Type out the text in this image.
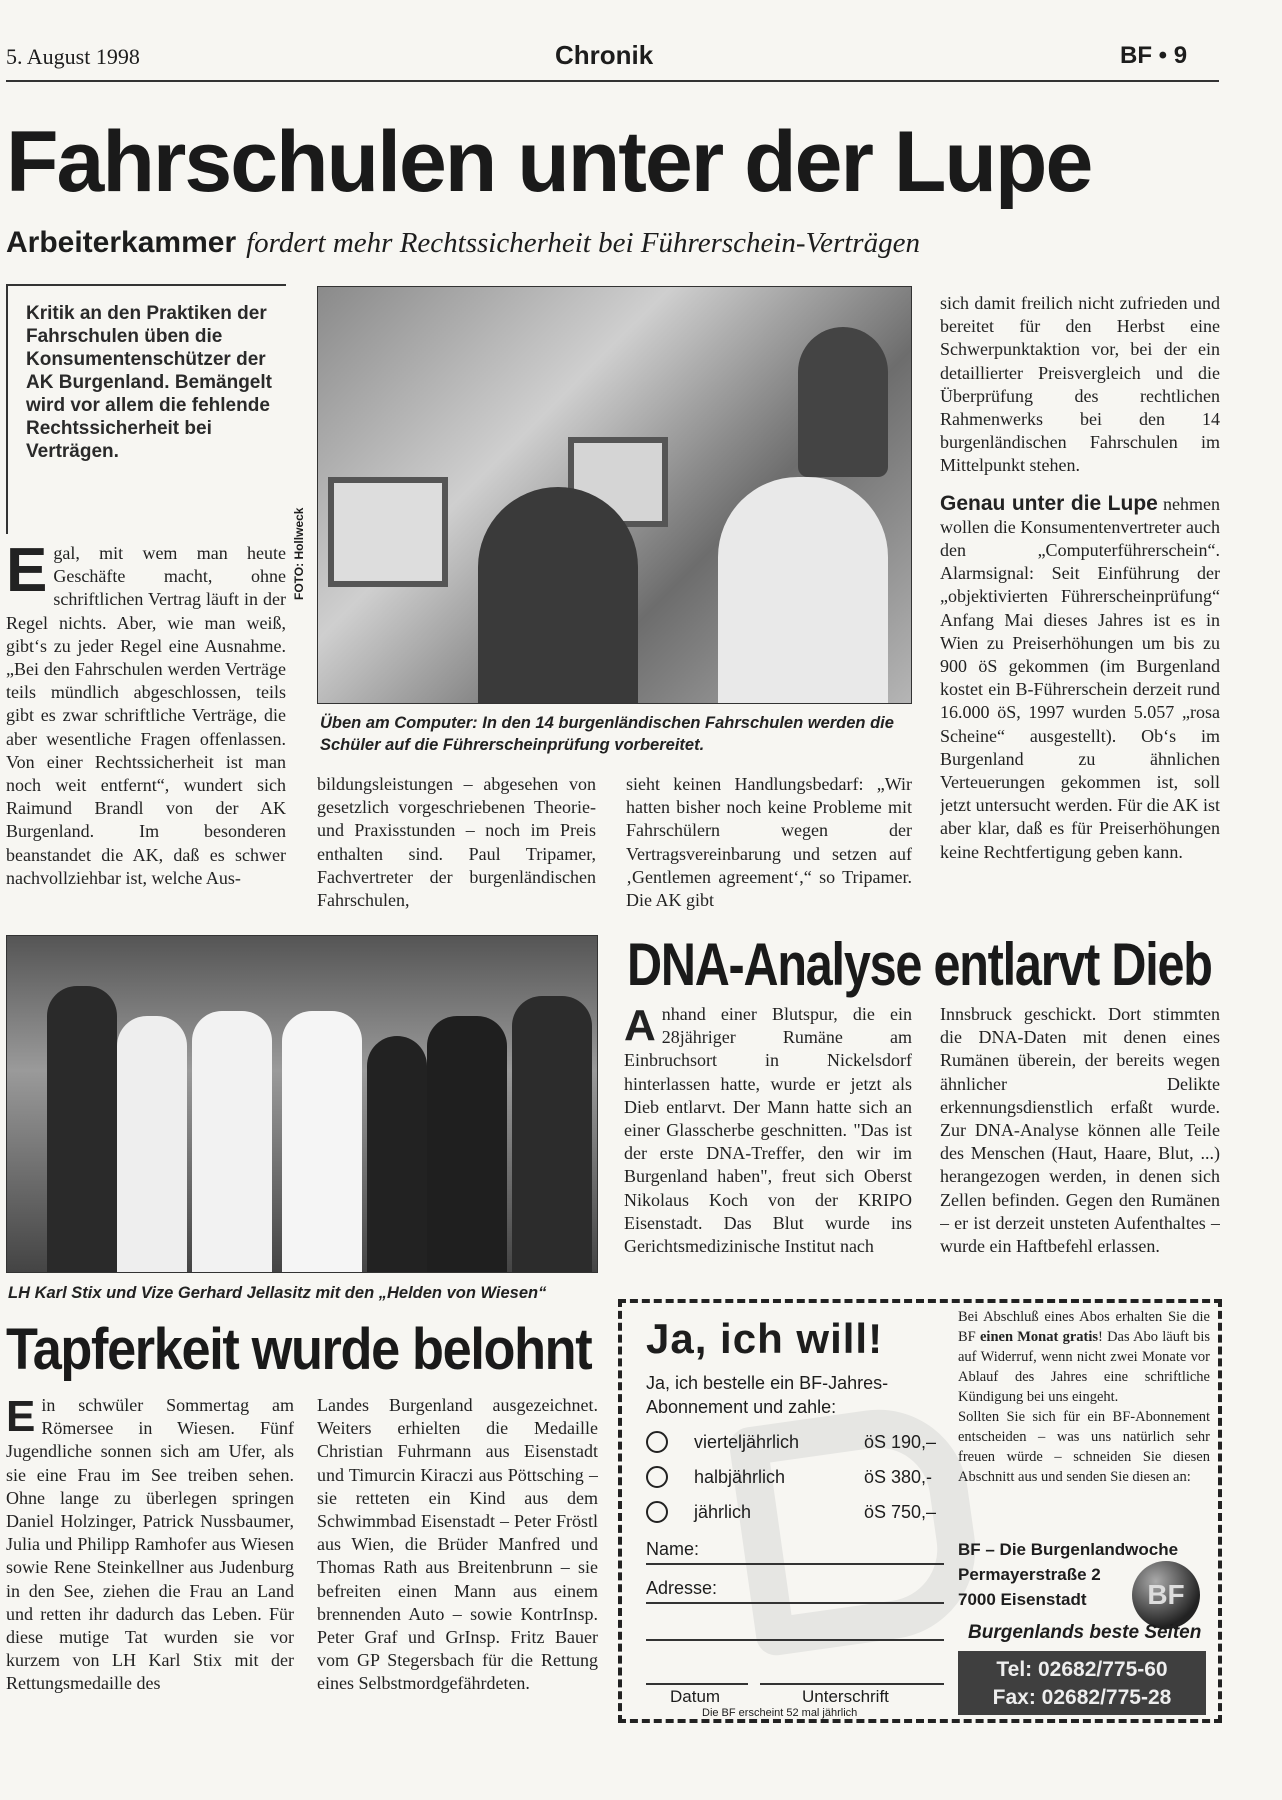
5. August 1998	Chronik	BF • 9
Fahrschulen unter der Lupe
Arbeiterkammer fordert mehr Rechtssicherheit bei Führerschein-Verträgen
Kritik an den Praktiken der Fahrschulen üben die Konsumentenschützer der AK Burgenland. Bemängelt wird vor allem die fehlende Rechtssicherheit bei Verträgen.
Egal, mit wem man heute Geschäfte macht, ohne schriftlichen Vertrag läuft in der Regel nichts. Aber, wie man weiß, gibt‘s zu jeder Regel eine Ausnahme. „Bei den Fahrschulen werden Verträge teils mündlich abgeschlossen, teils gibt es zwar schriftliche Verträge, die aber wesentliche Fragen offenlassen. Von einer Rechtssicherheit ist man noch weit entfernt“, wundert sich Raimund Brandl von der AK Burgenland. Im besonderen beanstandet die AK, daß es schwer nachvollziehbar ist, welche Aus-
FOTO: Hollweck
Üben am Computer: In den 14 burgenländischen Fahrschulen werden die Schüler auf die Führerscheinprüfung vorbereitet.
bildungsleistungen – abgesehen von gesetzlich vorgeschriebenen Theorie- und Praxisstunden – noch im Preis enthalten sind. Paul Tripamer, Fachvertreter der burgenländischen Fahrschulen,
sieht keinen Handlungsbedarf: „Wir hatten bisher noch keine Probleme mit Fahrschülern wegen der Vertragsvereinbarung und setzen auf ‚Gentlemen agreement‘,“ so Tripamer. Die AK gibt
sich damit freilich nicht zufrieden und bereitet für den Herbst eine Schwerpunktaktion vor, bei der ein detaillierter Preisvergleich und die Überprüfung des rechtlichen Rahmenwerks bei den 14 burgenländischen Fahrschulen im Mittelpunkt stehen.
Genau unter die Lupe nehmen wollen die Konsumentenvertreter auch den „Computerführerschein“. Alarmsignal: Seit Einführung der „objektivierten Führerscheinprüfung“ Anfang Mai dieses Jahres ist es in Wien zu Preiserhöhungen um bis zu 900 öS gekommen (im Burgenland kostet ein B-Führerschein derzeit rund 16.000 öS, 1997 wurden 5.057 „rosa Scheine“ ausgestellt). Ob‘s im Burgenland zu ähnlichen Verteuerungen gekommen ist, soll jetzt untersucht werden. Für die AK ist aber klar, daß es für Preiserhöhungen keine Rechtfertigung geben kann.
LH Karl Stix und Vize Gerhard Jellasitz mit den „Helden von Wiesen“
Tapferkeit wurde belohnt
Ein schwüler Sommertag am Römersee in Wiesen. Fünf Jugendliche sonnen sich am Ufer, als sie eine Frau im See treiben sehen. Ohne lange zu überlegen springen Daniel Holzinger, Patrick Nussbaumer, Julia und Philipp Ramhofer aus Wiesen sowie Rene Steinkellner aus Judenburg in den See, ziehen die Frau an Land und retten ihr dadurch das Leben. Für diese mutige Tat wurden sie vor kurzem von LH Karl Stix mit der Rettungsmedaille des
Landes Burgenland ausgezeichnet. Weiters erhielten die Medaille Christian Fuhrmann aus Eisenstadt und Timurcin Kiraczi aus Pöttsching – sie retteten ein Kind aus dem Schwimmbad Eisenstadt – Peter Fröstl aus Wien, die Brüder Manfred und Thomas Rath aus Breitenbrunn – sie befreiten einen Mann aus einem brennenden Auto – sowie KontrInsp. Peter Graf und GrInsp. Fritz Bauer vom GP Stegersbach für die Rettung eines Selbstmordgefährdeten.
DNA-Analyse entlarvt Dieb
Anhand einer Blutspur, die ein 28jähriger Rumäne am Einbruchsort in Nickelsdorf hinterlassen hatte, wurde er jetzt als Dieb entlarvt. Der Mann hatte sich an einer Glasscherbe geschnitten. "Das ist der erste DNA-Treffer, den wir im Burgenland haben", freut sich Oberst Nikolaus Koch von der KRIPO Eisenstadt. Das Blut wurde ins Gerichtsmedizinische Institut nach
Innsbruck geschickt. Dort stimmten die DNA-Daten mit denen eines Rumänen überein, der bereits wegen ähnlicher Delikte erkennungsdienstlich erfaßt wurde. Zur DNA-Analyse können alle Teile des Menschen (Haut, Haare, Blut, ...) herangezogen werden, in denen sich Zellen befinden. Gegen den Rumänen – er ist derzeit unsteten Aufenthaltes – wurde ein Haftbefehl erlassen.
Ja, ich will!
Ja, ich bestelle ein BF-Jahres-Abonnement und zahle:
vierteljährlich	öS 190,–
halbjährlich	öS 380,-
jährlich	öS 750,–
Name:
Adresse:
Datum	Unterschrift
Die BF erscheint 52 mal jährlich
Bei Abschluß eines Abos erhalten Sie die BF einen Monat gratis! Das Abo läuft bis auf Widerruf, wenn nicht zwei Monate vor Ablauf des Jahres eine schriftliche Kündigung bei uns eingeht.
Sollten Sie sich für ein BF-Abonnement entscheiden – was uns natürlich sehr freuen würde – schneiden Sie diesen Abschnitt aus und senden Sie diesen an:
BF – Die Burgenlandwoche
Permayerstraße 2
7000 Eisenstadt	BF
Burgenlands beste Seiten
Tel: 02682/775-60
Fax: 02682/775-28
